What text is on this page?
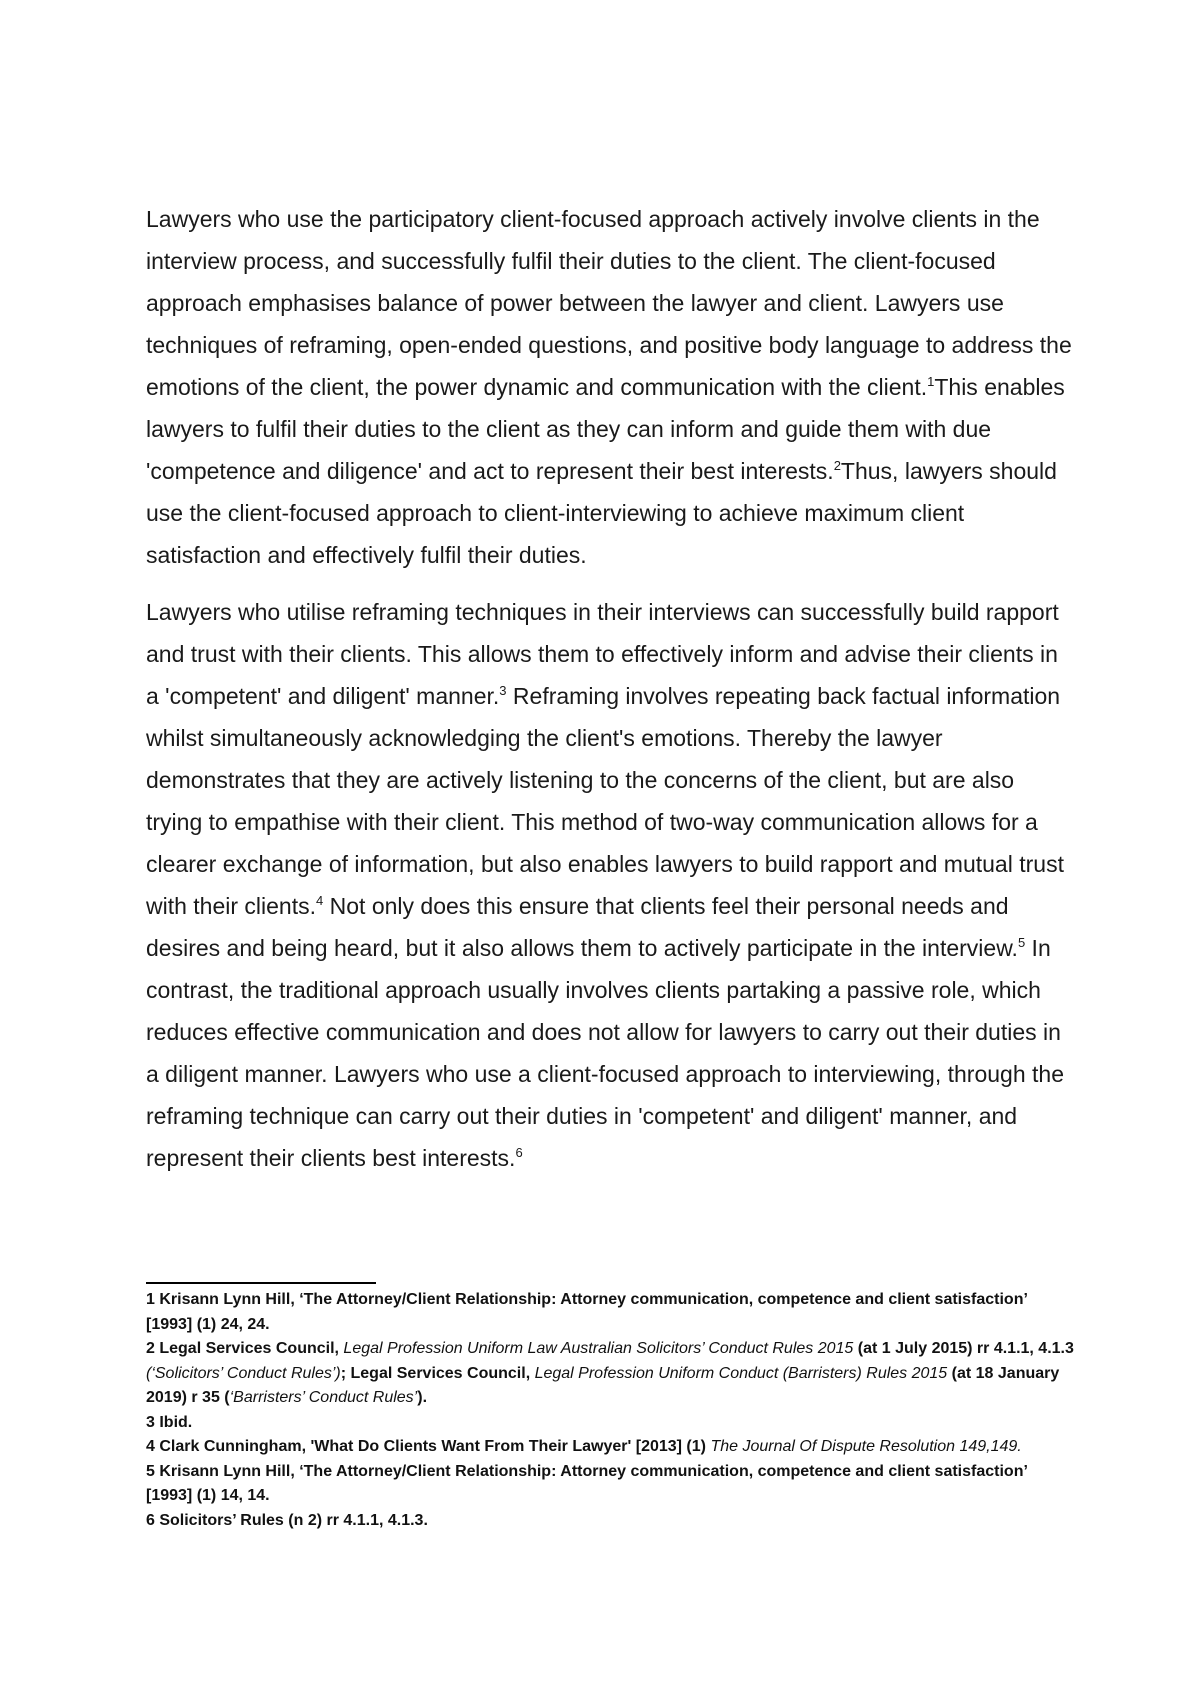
Lawyers who use the participatory client-focused approach actively involve clients in the interview process, and successfully fulfil their duties to the client. The client-focused approach emphasises balance of power between the lawyer and client. Lawyers use techniques of reframing, open-ended questions, and positive body language to address the emotions of the client, the power dynamic and communication with the client.$^1$This enables lawyers to fulfil their duties to the client as they can inform and guide them with due 'competence and diligence' and act to represent their best interests.$^2$Thus, lawyers should use the client-focused approach to client-interviewing to achieve maximum client satisfaction and effectively fulfil their duties.

Lawyers who utilise reframing techniques in their interviews can successfully build rapport and trust with their clients. This allows them to effectively inform and advise their clients in a 'competent' and diligent' manner.$^3$ Reframing involves repeating back factual information whilst simultaneously acknowledging the client's emotions. Thereby the lawyer demonstrates that they are actively listening to the concerns of the client, but are also trying to empathise with their client. This method of two-way communication allows for a clearer exchange of information, but also enables lawyers to build rapport and mutual trust with their clients.$^4$ Not only does this ensure that clients feel their personal needs and desires and being heard, but it also allows them to actively participate in the interview.$^5$ In contrast, the traditional approach usually involves clients partaking a passive role, which reduces effective communication and does not allow for lawyers to carry out their duties in a diligent manner. Lawyers who use a client-focused approach to interviewing, through the reframing technique can carry out their duties in 'competent' and diligent' manner, and represent their clients best interests.$^6$

1 Krisann Lynn Hill, ‘The Attorney/Client Relationship: Attorney communication, competence and client satisfaction’ [1993] (1) 24, 24.

2 Legal Services Council, Legal Profession Uniform Law Australian Solicitors’ Conduct Rules 2015 (at 1 July 2015) rr 4.1.1, 4.1.3 (‘Solicitors’ Conduct Rules’); Legal Services Council, Legal Profession Uniform Conduct (Barristers) Rules 2015 (at 18 January 2019) r 35 (‘Barristers’ Conduct Rules’).

3 Ibid.

4 Clark Cunningham, 'What Do Clients Want From Their Lawyer' [2013] (1) The Journal Of Dispute Resolution 149,149.

5 Krisann Lynn Hill, ‘The Attorney/Client Relationship: Attorney communication, competence and client satisfaction’ [1993] (1) 14, 14.

6 Solicitors’ Rules (n 2) rr 4.1.1, 4.1.3.
